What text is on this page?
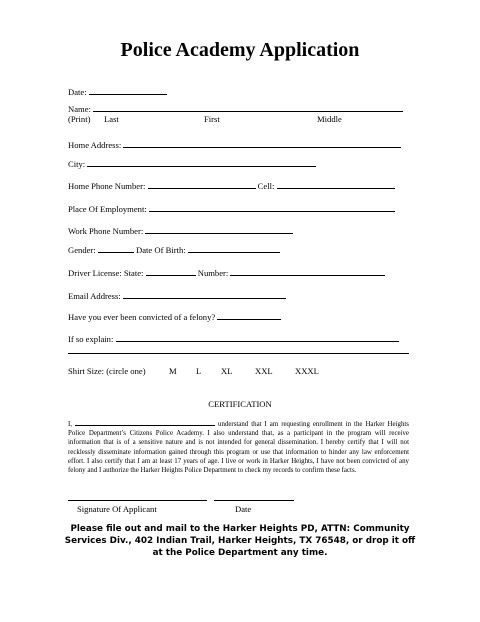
Police Academy Application
Date:
Name:
(Print) Last	First	Middle
Home Address:
City:
Home Phone Number:	Cell:
Place Of Employment:
Work Phone Number:
Gender:	Date Of Birth:
Driver License: State:	Number:
Email Address:
Have you ever been convicted of a felony?
If so explain:
Shirt Size: (circle one)	M L XL	XXL	XXXL
CERTIFICATION
I,	understand that I am requesting enrollment in the Harker Heights Police Department’s Citizens Police Academy. I also understand that, as a participant in the program will receive information that is of a sensitive nature and is not intended for general dissemination. I hereby certify that I will not recklessly disseminate information gained through this program or use that information to hinder any law enforcement effort. I also certify that I am at least 17 years of age. I live or work in Harker Heights, I have not been convicted of any felony and I authorize the Harker Heights Police Department to check my records to confirm these facts.
Signature Of Applicant	Date
Please file out and mail to the Harker Heights PD, ATTN: Community Services Div., 402 Indian Trail, Harker Heights, TX 76548, or drop it off at the Police Department any time.
